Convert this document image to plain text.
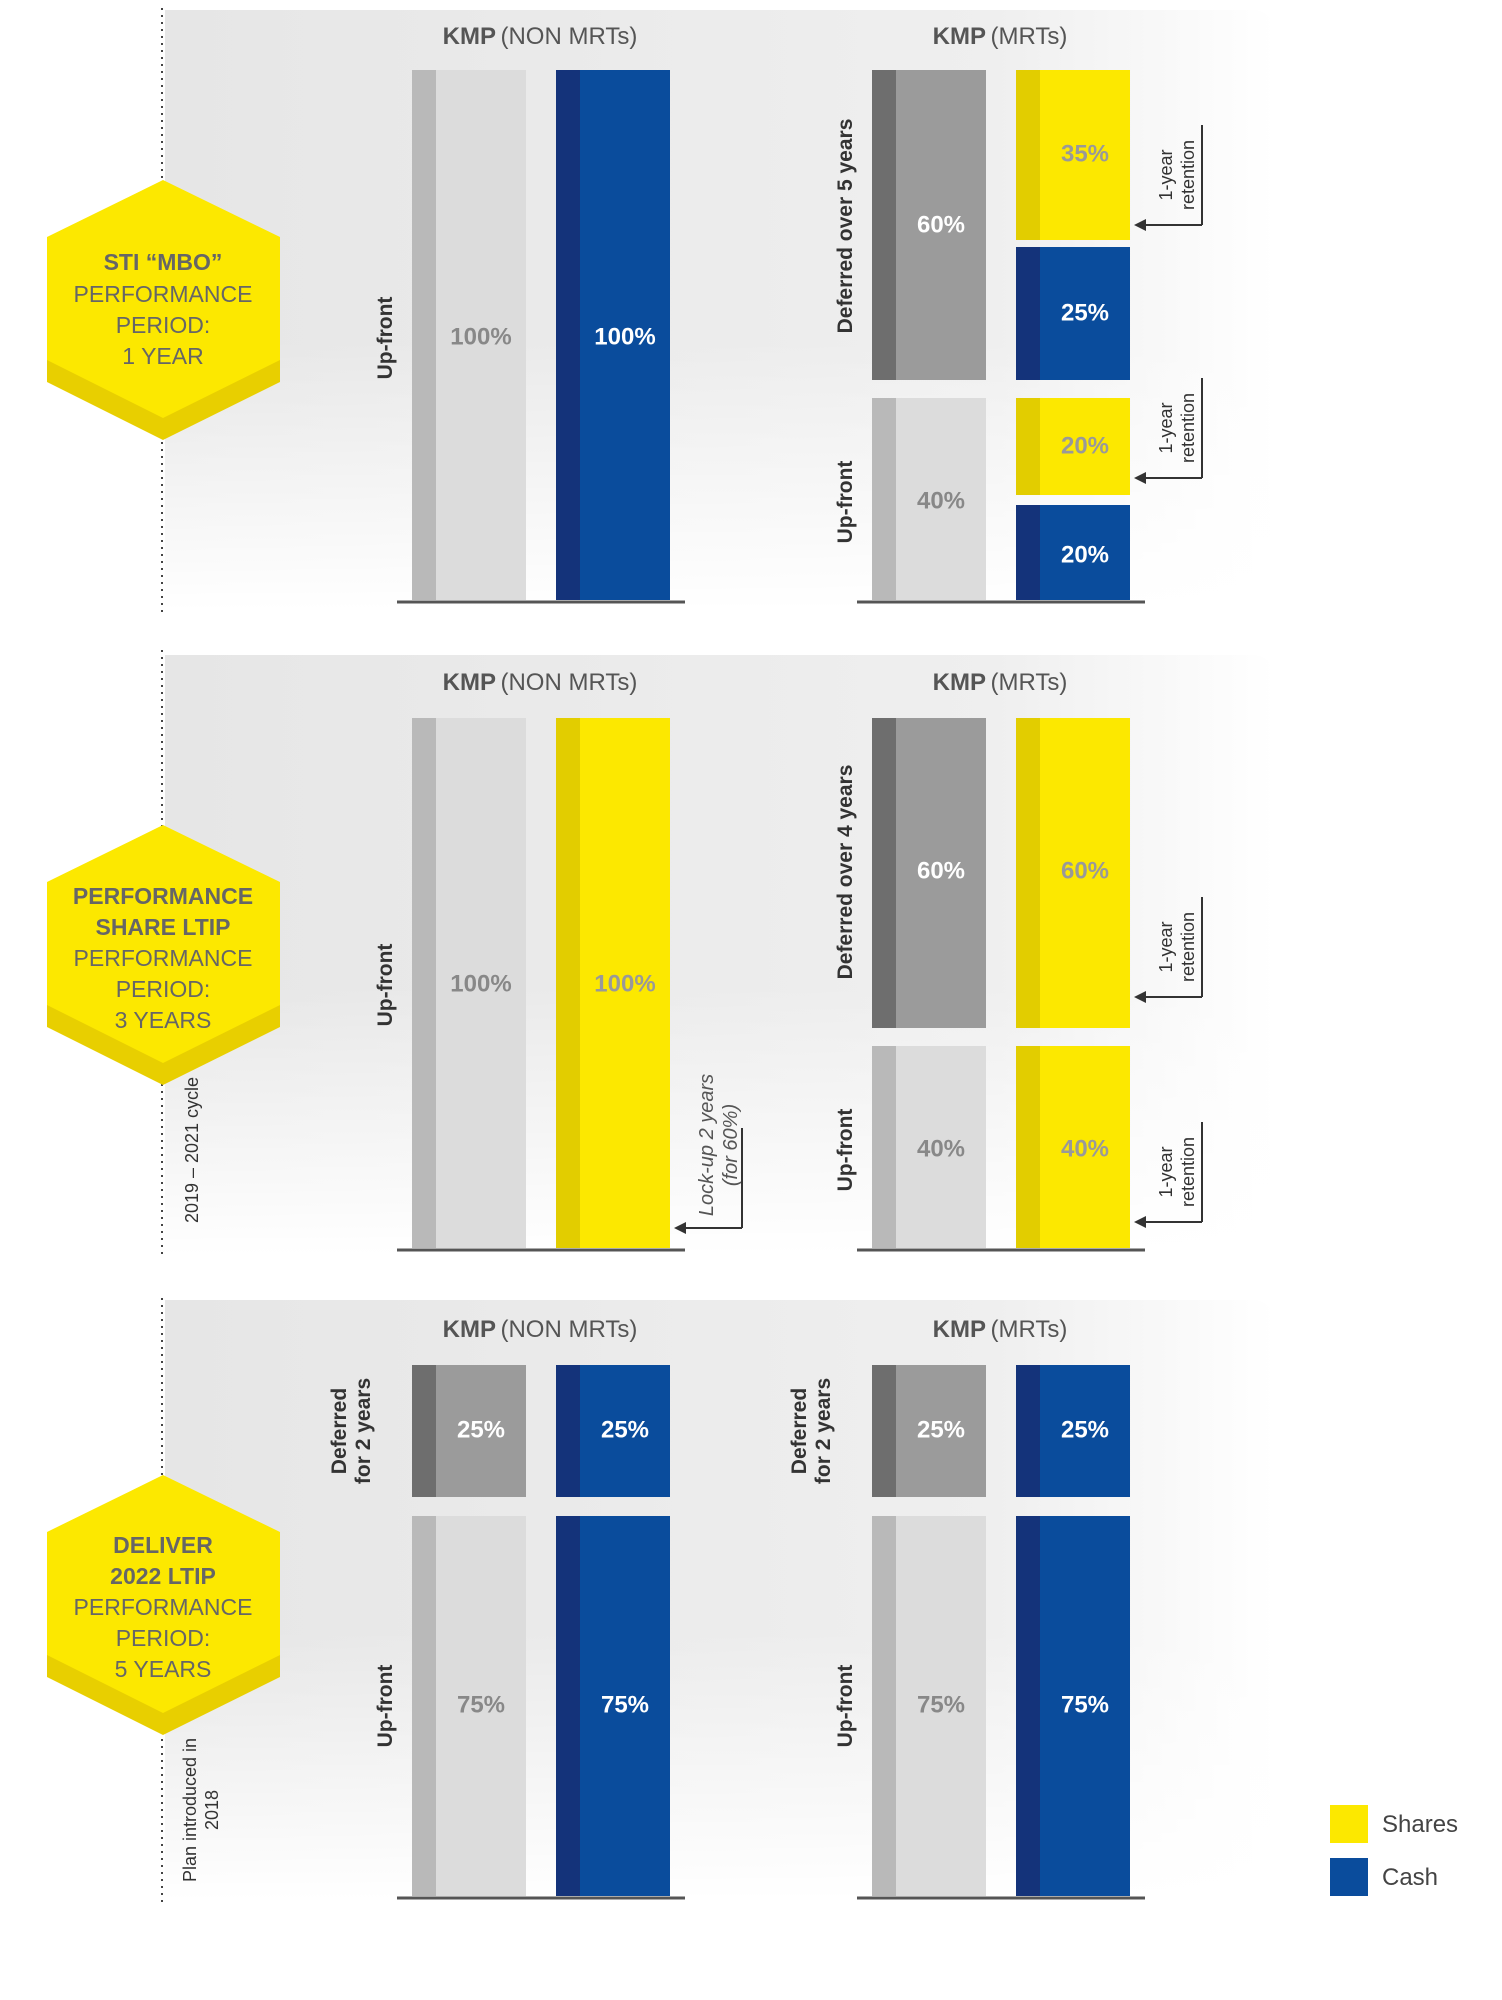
STI “MBO”
PERFORMANCE
PERIOD:
1 YEAR
PERFORMANCE
SHARE LTIP
PERFORMANCE
PERIOD:
3 YEARS
DELIVER
2022 LTIP
PERFORMANCE
PERIOD:
5 YEARS
2019 – 2021 cycle
Plan introduced in 2018
KMP (NON MRTs)	KMP (MRTs)
KMP (NON MRTs)	KMP (MRTs)
KMP (NON MRTs)	KMP (MRTs)
100%	100%
Up-front
60%
40%
35%
25%
20%
20%
Deferred over 5 years
Up-front
1-year retention
1-year retention
100%	100%
Up-front
Lock-up 2 years (for 60%)
60%
40%
60%
40%
Deferred over 4 years
Up-front
1-year retention
1-year retention
25%	25%
75%	75%
Deferred for 2 years
Up-front
25%	25%
75%	75%
Deferred for 2 years
Up-front
Shares
Cash
